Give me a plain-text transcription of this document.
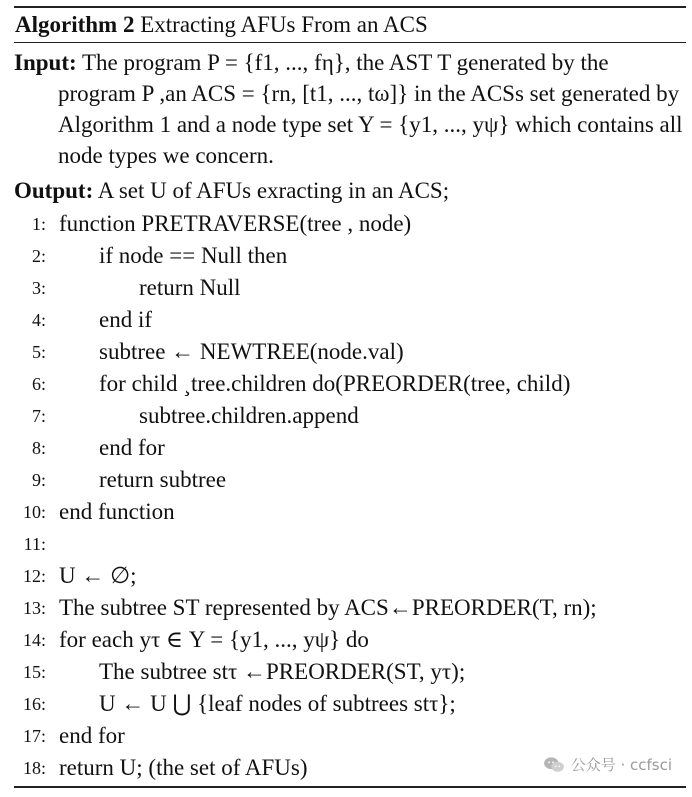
Algorithm 2 Extracting AFUs From an ACS
Input: The program P = {f1, ..., fη}, the AST T generated by the program P ,an ACS = {rn, [t1, ..., tω]} in the ACSs set generated by Algorithm 1 and a node type set Y = {y1, ..., yψ} which contains all node types we concern.
Output: A set U of AFUs exracting in an ACS;
1: function PRETRAVERSE(tree , node)
2: if node == Null then
3:	return Null
4: end if
5: subtree ← NEWTREE(node.val)
6: for child ¸tree.children do(PREORDER(tree, child)
7:	subtree.children.append
8: end for
9: return subtree
10: end function
11:
12: U ← ∅;
13: The subtree ST represented by ACS←PREORDER(T, rn);
14: for each yτ ∈ Y = {y1, ..., yψ} do
15: The subtree stτ ←PREORDER(ST, yτ);
16: U ← U ⋃ {leaf nodes of subtrees stτ};
17: end for
18: return U; (the set of AFUs)	公众号 · ccfsci
